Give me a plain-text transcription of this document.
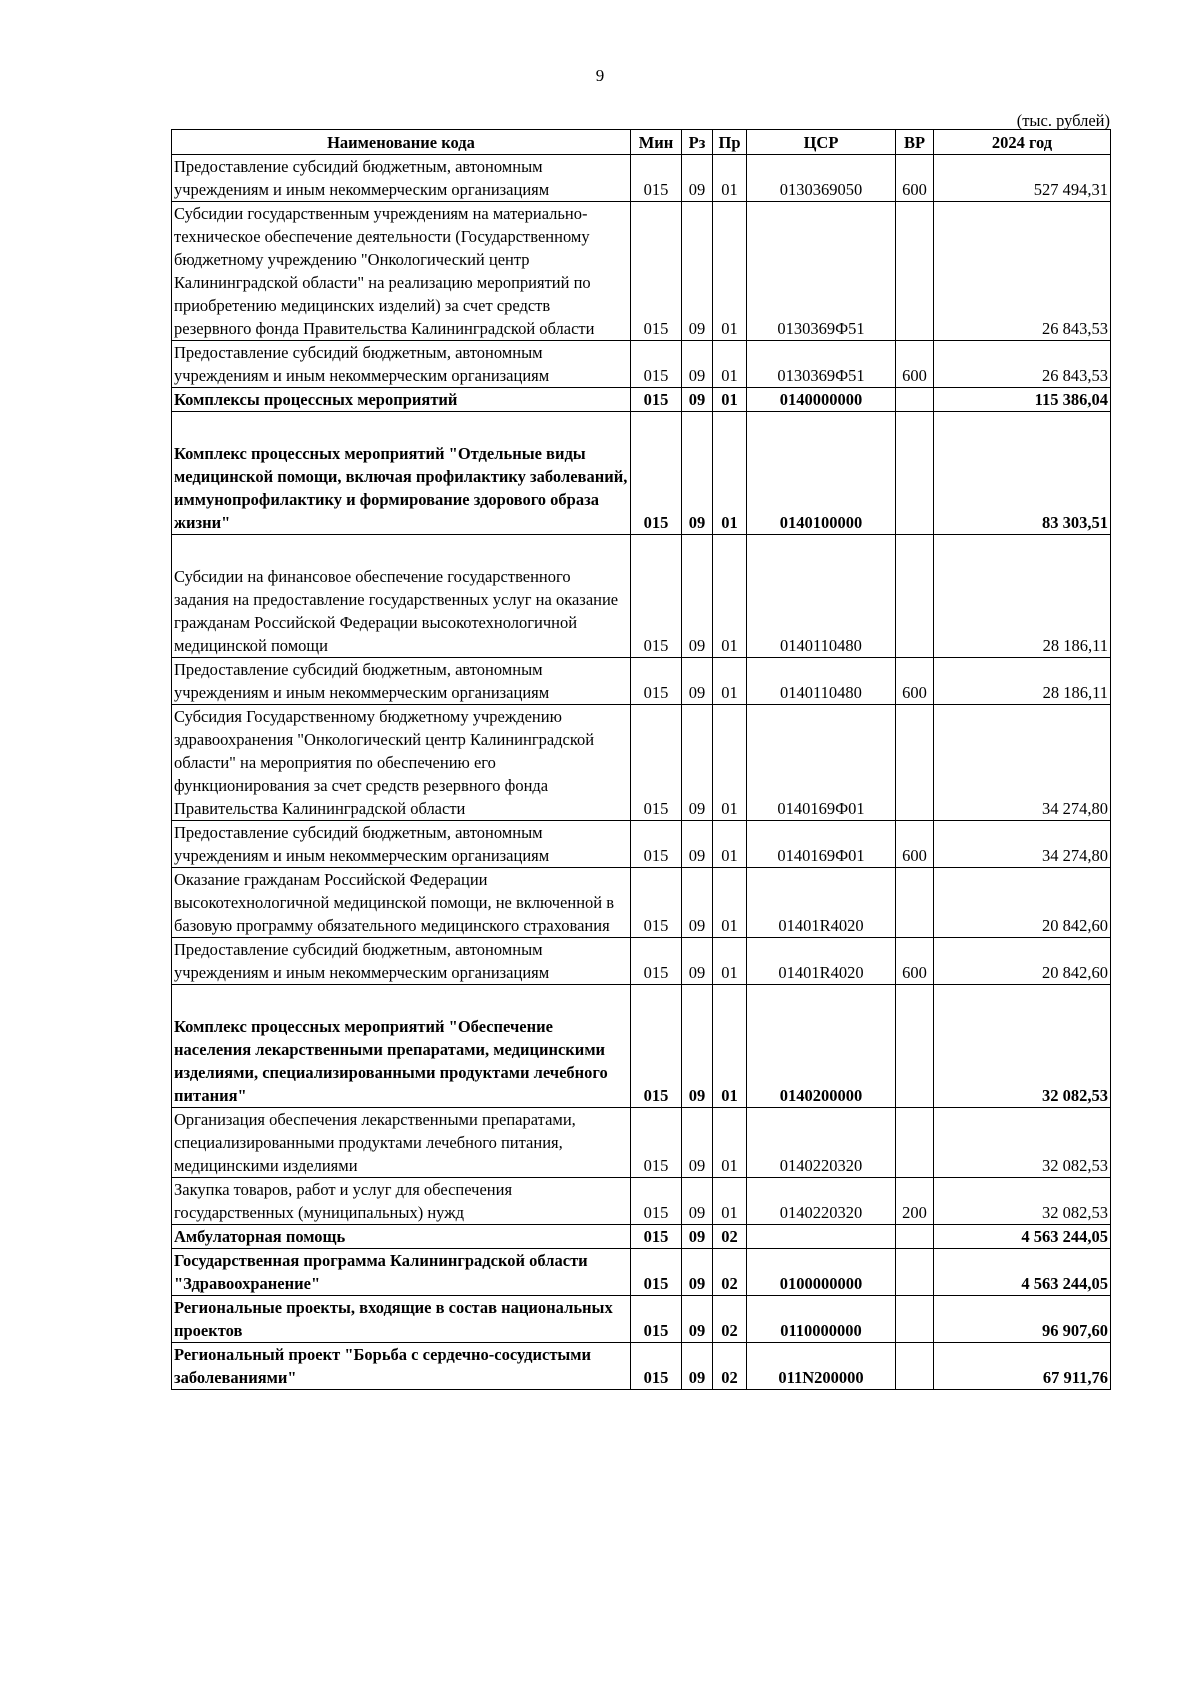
9
(тыс. рублей)
Наименование кода	Мин	Рз	Пр	ЦСР	ВР	2024 год
Предоставление субсидий бюджетным, автономным учреждениям и иным некоммерческим организациям	015	09	01	0130369050	600	527 494,31
Субсидии государственным учреждениям на материально-техническое обеспечение деятельности (Государственному бюджетному учреждению "Онкологический центр Калининградской области" на реализацию мероприятий по приобретению медицинских изделий) за счет средств резервного фонда Правительства Калининградской области	015	09	01	0130369Ф51		26 843,53
Предоставление субсидий бюджетным, автономным учреждениям и иным некоммерческим организациям	015	09	01	0130369Ф51	600	26 843,53
Комплексы процессных мероприятий	015	09	01	0140000000		115 386,04
Комплекс процессных мероприятий "Отдельные виды медицинской помощи, включая профилактику заболеваний, иммунопрофилактику и формирование здорового образа жизни"	015	09	01	0140100000		83 303,51
Субсидии на финансовое обеспечение государственного задания на предоставление государственных услуг на оказание гражданам Российской Федерации высокотехнологичной медицинской помощи	015	09	01	0140110480		28 186,11
Предоставление субсидий бюджетным, автономным учреждениям и иным некоммерческим организациям	015	09	01	0140110480	600	28 186,11
Субсидия Государственному бюджетному учреждению здравоохранения "Онкологический центр Калининградской области" на мероприятия по обеспечению его функционирования за счет средств резервного фонда Правительства Калининградской области	015	09	01	0140169Ф01		34 274,80
Предоставление субсидий бюджетным, автономным учреждениям и иным некоммерческим организациям	015	09	01	0140169Ф01	600	34 274,80
Оказание гражданам Российской Федерации высокотехнологичной медицинской помощи, не включенной в базовую программу обязательного медицинского страхования	015	09	01	01401R4020		20 842,60
Предоставление субсидий бюджетным, автономным учреждениям и иным некоммерческим организациям	015	09	01	01401R4020	600	20 842,60
Комплекс процессных мероприятий "Обеспечение населения лекарственными препаратами, медицинскими изделиями, специализированными продуктами лечебного питания"	015	09	01	0140200000		32 082,53
Организация обеспечения лекарственными препаратами, специализированными продуктами лечебного питания, медицинскими изделиями	015	09	01	0140220320		32 082,53
Закупка товаров, работ и услуг для обеспечения государственных (муниципальных) нужд	015	09	01	0140220320	200	32 082,53
Амбулаторная помощь	015	09	02			4 563 244,05
Государственная программа Калининградской области "Здравоохранение"	015	09	02	0100000000		4 563 244,05
Региональные проекты, входящие в состав национальных проектов	015	09	02	0110000000		96 907,60
Региональный проект "Борьба с сердечно-сосудистыми заболеваниями"	015	09	02	011N200000		67 911,76
